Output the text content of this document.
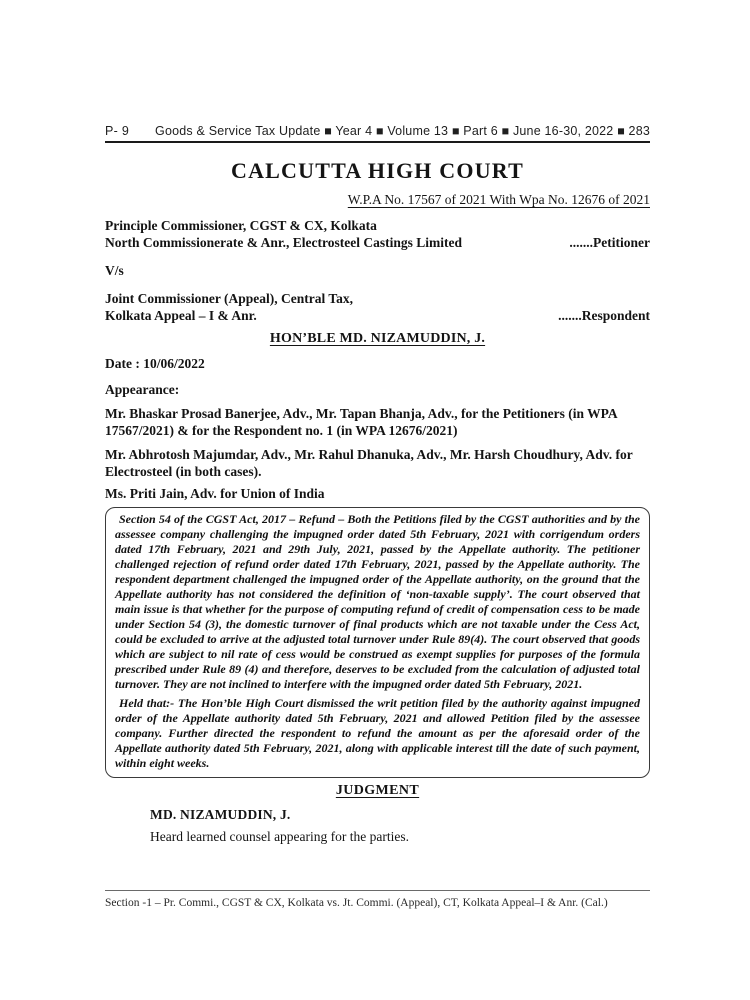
P- 9	Goods & Service Tax Update ■ Year 4 ■ Volume 13 ■ Part 6 ■ June 16-30, 2022 ■ 283
CALCUTTA HIGH COURT
W.P.A No. 17567 of 2021 With Wpa No. 12676 of 2021
Principle Commissioner, CGST & CX, Kolkata
North Commissionerate & Anr., Electrosteel Castings Limited	.......Petitioner
V/s
Joint Commissioner (Appeal), Central Tax,
Kolkata Appeal – I & Anr.	.......Respondent
HON’BLE MD. NIZAMUDDIN, J.
Date : 10/06/2022
Appearance:
Mr. Bhaskar Prosad Banerjee, Adv., Mr. Tapan Bhanja, Adv., for the Petitioners (in WPA 17567/2021) & for the Respondent no. 1 (in WPA 12676/2021)
Mr. Abhrotosh Majumdar, Adv., Mr. Rahul Dhanuka, Adv., Mr. Harsh Choudhury, Adv. for Electrosteel (in both cases).
Ms. Priti Jain, Adv. for Union of India

Section 54 of the CGST Act, 2017 – Refund – Both the Petitions filed by the CGST authorities and by the assessee company challenging the impugned order dated 5th February, 2021 with corrigendum orders dated 17th February, 2021 and 29th July, 2021, passed by the Appellate authority. The petitioner challenged rejection of refund order dated 17th February, 2021, passed by the Appellate authority. The respondent department challenged the impugned order of the Appellate authority, on the ground that the Appellate authority has not considered the definition of ‘non-taxable supply’. The court observed that main issue is that whether for the purpose of computing refund of credit of compensation cess to be made under Section 54 (3), the domestic turnover of final products which are not taxable under the Cess Act, could be excluded to arrive at the adjusted total turnover under Rule 89(4). The court observed that goods which are subject to nil rate of cess would be construed as exempt supplies for purposes of the formula prescribed under Rule 89 (4) and therefore, deserves to be excluded from the calculation of adjusted total turnover. They are not inclined to interfere with the impugned order dated 5th February, 2021.

Held that:- The Hon’ble High Court dismissed the writ petition filed by the authority against impugned order of the Appellate authority dated 5th February, 2021 and allowed Petition filed by the assessee company. Further directed the respondent to refund the amount as per the aforesaid order of the Appellate authority dated 5th February, 2021, along with applicable interest till the date of such payment, within eight weeks.

JUDGMENT
MD. NIZAMUDDIN, J.
Heard learned counsel appearing for the parties.
Section -1 – Pr. Commi., CGST & CX, Kolkata vs. Jt. Commi. (Appeal), CT, Kolkata Appeal–I & Anr. (Cal.)
